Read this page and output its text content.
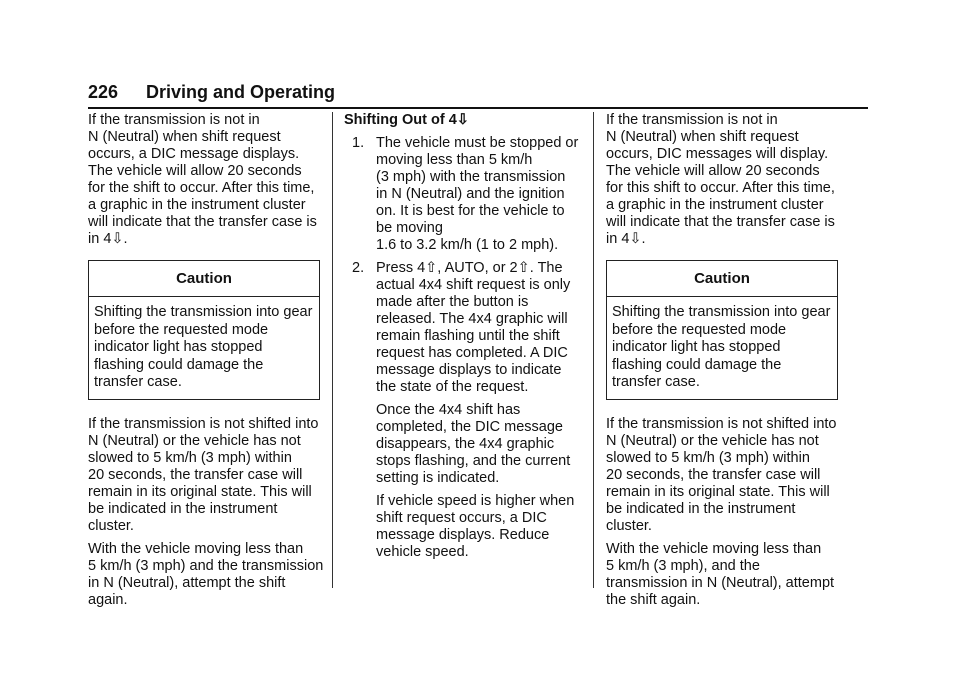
226 Driving and Operating

If the transmission is not in
N (Neutral) when shift request
occurs, a DIC message displays.
The vehicle will allow 20 seconds
for the shift to occur. After this time,
a graphic in the instrument cluster
will indicate that the transfer case is
in 4⇩.

Caution
Shifting the transmission into gear
before the requested mode
indicator light has stopped
flashing could damage the
transfer case.

If the transmission is not shifted into
N (Neutral) or the vehicle has not
slowed to 5 km/h (3 mph) within
20 seconds, the transfer case will
remain in its original state. This will
be indicated in the instrument
cluster.

With the vehicle moving less than
5 km/h (3 mph) and the transmission
in N (Neutral), attempt the shift
again.

Shifting Out of 4⇩
1. The vehicle must be stopped or
moving less than 5 km/h
(3 mph) with the transmission
in N (Neutral) and the ignition
on. It is best for the vehicle to
be moving
1.6 to 3.2 km/h (1 to 2 mph).
2. Press 4⇧, AUTO, or 2⇧. The
actual 4x4 shift request is only
made after the button is
released. The 4x4 graphic will
remain flashing until the shift
request has completed. A DIC
message displays to indicate
the state of the request.
Once the 4x4 shift has
completed, the DIC message
disappears, the 4x4 graphic
stops flashing, and the current
setting is indicated.
If vehicle speed is higher when
shift request occurs, a DIC
message displays. Reduce
vehicle speed.

If the transmission is not in
N (Neutral) when shift request
occurs, DIC messages will display.
The vehicle will allow 20 seconds
for this shift to occur. After this time,
a graphic in the instrument cluster
will indicate that the transfer case is
in 4⇩.

Caution
Shifting the transmission into gear
before the requested mode
indicator light has stopped
flashing could damage the
transfer case.

If the transmission is not shifted into
N (Neutral) or the vehicle has not
slowed to 5 km/h (3 mph) within
20 seconds, the transfer case will
remain in its original state. This will
be indicated in the instrument
cluster.

With the vehicle moving less than
5 km/h (3 mph), and the
transmission in N (Neutral), attempt
the shift again.
